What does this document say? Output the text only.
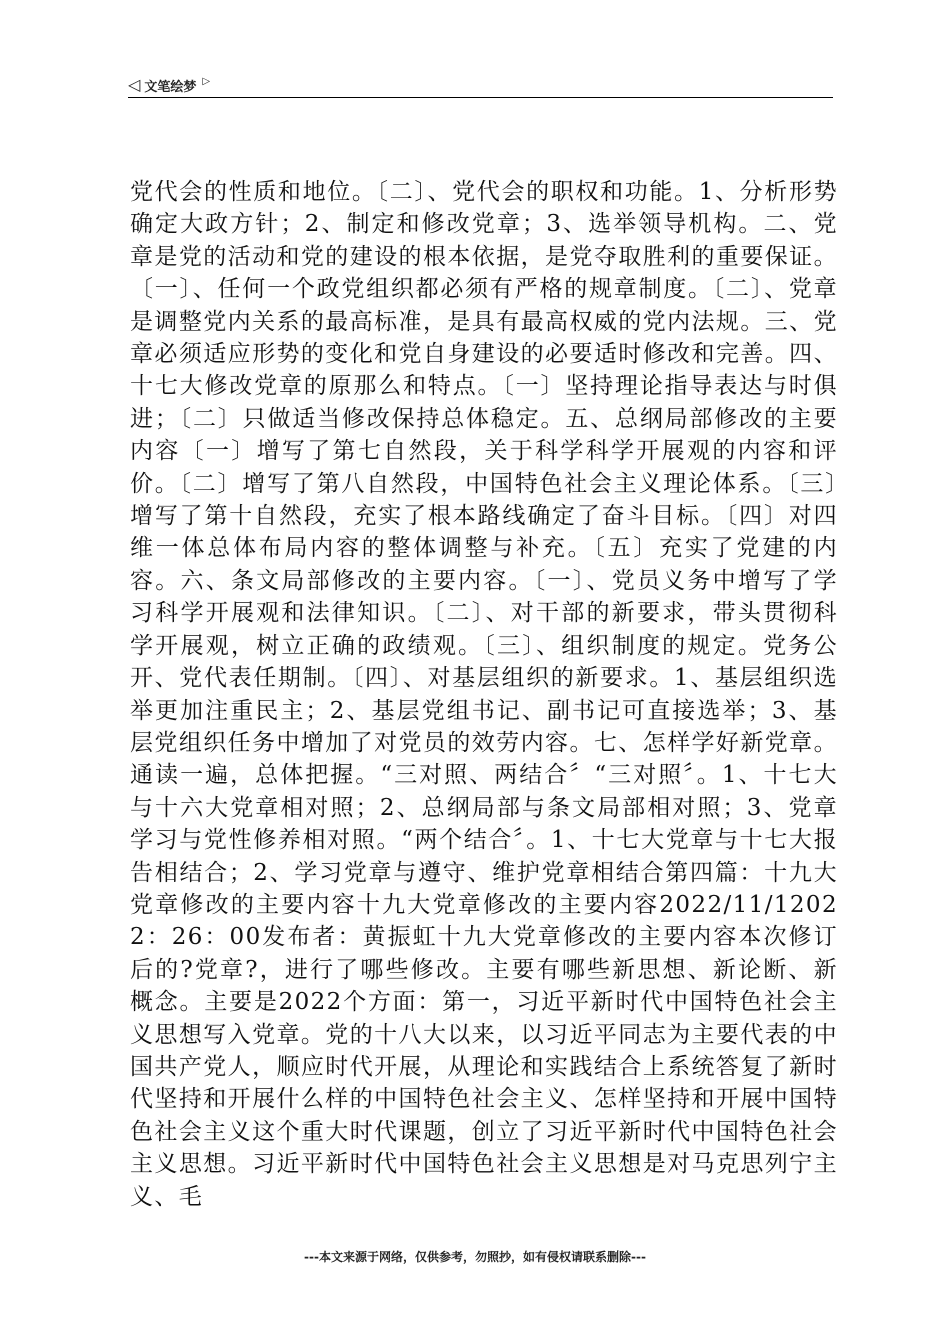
◁ 文笔绘梦 ▷

党代会的性质和地位。〔二〕、党代会的职权和功能。1、分析形势确定大政方针；2、制定和修改党章；3、选举领导机构。二、党章是党的活动和党的建设的根本依据，是党夺取胜利的重要保证。〔一〕、任何一个政党组织都必须有严格的规章制度。〔二〕、党章是调整党内关系的最高标准，是具有最高权威的党内法规。三、党章必须适应形势的变化和党自身建设的必要适时修改和完善。四、十七大修改党章的原那么和特点。〔一〕坚持理论指导表达与时俱进；〔二〕只做适当修改保持总体稳定。五、总纲局部修改的主要内容〔一〕增写了第七自然段，关于科学科学开展观的内容和评价。〔二〕增写了第八自然段，中国特色社会主义理论体系。〔三〕增写了第十自然段，充实了根本路线确定了奋斗目标。〔四〕对四维一体总体布局内容的整体调整与补充。〔五〕充实了党建的内容。六、条文局部修改的主要内容。〔一〕、党员义务中增写了学习科学开展观和法律知识。〔二〕、对干部的新要求，带头贯彻科学开展观，树立正确的政绩观。〔三〕、组织制度的规定。党务公开、党代表任期制。〔四〕、对基层组织的新要求。1、基层组织选举更加注重民主；2、基层党组书记、副书记可直接选举；3、基层党组织任务中增加了对党员的效劳内容。七、怎样学好新党章。通读一遍，总体把握。“三对照、两结合〞“三对照〞。1、十七大与十六大党章相对照；2、总纲局部与条文局部相对照；3、党章学习与党性修养相对照。“两个结合〞。1、十七大党章与十七大报告相结合；2、学习党章与遵守、维护党章相结合第四篇：十九大党章修改的主要内容十九大党章修改的主要内容2022/11/12022：26：00发布者：黄振虹十九大党章修改的主要内容本次修订后的?党章?，进行了哪些修改。主要有哪些新思想、新论断、新概念。主要是2022个方面：第一，习近平新时代中国特色社会主义思想写入党章。党的十八大以来，以习近平同志为主要代表的中国共产党人，顺应时代开展，从理论和实践结合上系统答复了新时代坚持和开展什么样的中国特色社会主义、怎样坚持和开展中国特色社会主义这个重大时代课题，创立了习近平新时代中国特色社会主义思想。习近平新时代中国特色社会主义思想是对马克思列宁主义、毛

---本文来源于网络，仅供参考，勿照抄，如有侵权请联系删除---
